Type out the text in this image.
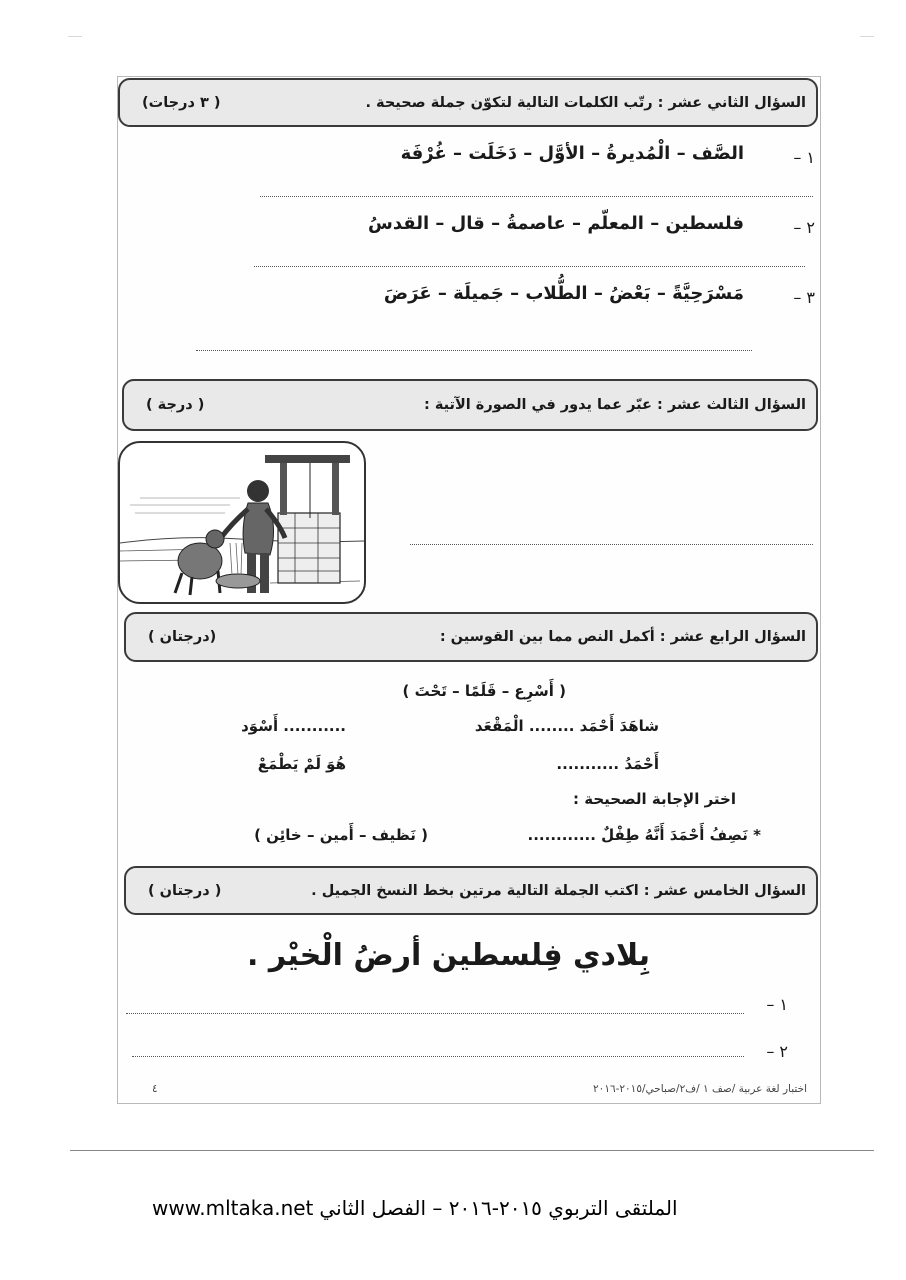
السؤال الثاني عشر : رتّب الكلمات التالية لتكوّن جملة صحيحة .
( ٣ درجات)
١ –
الصَّف – الْمُديرةُ – الأوَّل – دَخَلَت – غُرْفَة
٢ –
فلسطين – المعلّم – عاصمةُ – قال – القدسُ
٣ –
مَسْرَحِيَّةً – بَعْضُ – الطُّلاب – جَميلَة – عَرَضَ
السؤال الثالث عشر : عبّر عما يدور في الصورة الآتية :
( درجة )
السؤال الرابع عشر : أكمل النص مما بين القوسين :
(درجتان )
( أَسْرِع – قَلَمًا – تَحْتَ )
شاهَدَ أَحْمَد ........ الْمَقْعَد
........... أَسْوَد
أَحْمَدُ ...........
هُوَ لَمْ يَطْمَعْ
اختر الإجابة الصحيحة :
* نَصِفُ أَحْمَدَ أَنَّهُ طِفْلٌ ............
( نَظيف – أَمين – خائِن )
السؤال الخامس عشر : اكتب الجملة التالية مرتين بخط النسخ الجميل .
( درجتان )
بِلادي فِلسطين أرضُ الْخيْر .
١ –
٢ –
٤	اختبار لغة عربية /صف ١ /ف٢/صباحي/٢٠١٥-٢٠١٦
الملتقى التربوي ٢٠١٥-٢٠١٦ – الفصل الثاني
www.mltaka.net
